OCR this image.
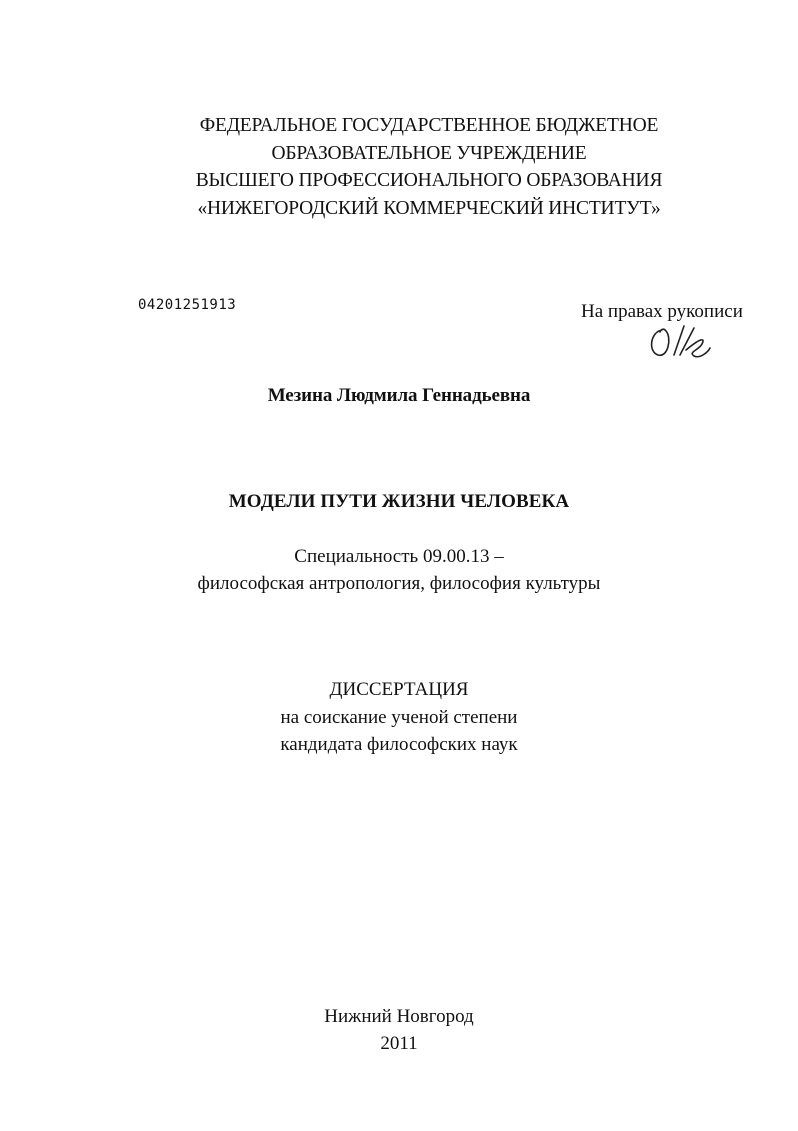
ФЕДЕРАЛЬНОЕ ГОСУДАРСТВЕННОЕ БЮДЖЕТНОЕ
ОБРАЗОВАТЕЛЬНОЕ УЧРЕЖДЕНИЕ
ВЫСШЕГО ПРОФЕССИОНАЛЬНОГО ОБРАЗОВАНИЯ
«НИЖЕГОРОДСКИЙ КОММЕРЧЕСКИЙ ИНСТИТУТ»
04201251913	На правах рукописи
Мезина Людмила Геннадьевна
МОДЕЛИ ПУТИ ЖИЗНИ ЧЕЛОВЕКА
Специальность 09.00.13 –
философская антропология, философия культуры
ДИССЕРТАЦИЯ
на соискание ученой степени
кандидата философских наук
Нижний Новгород
2011
